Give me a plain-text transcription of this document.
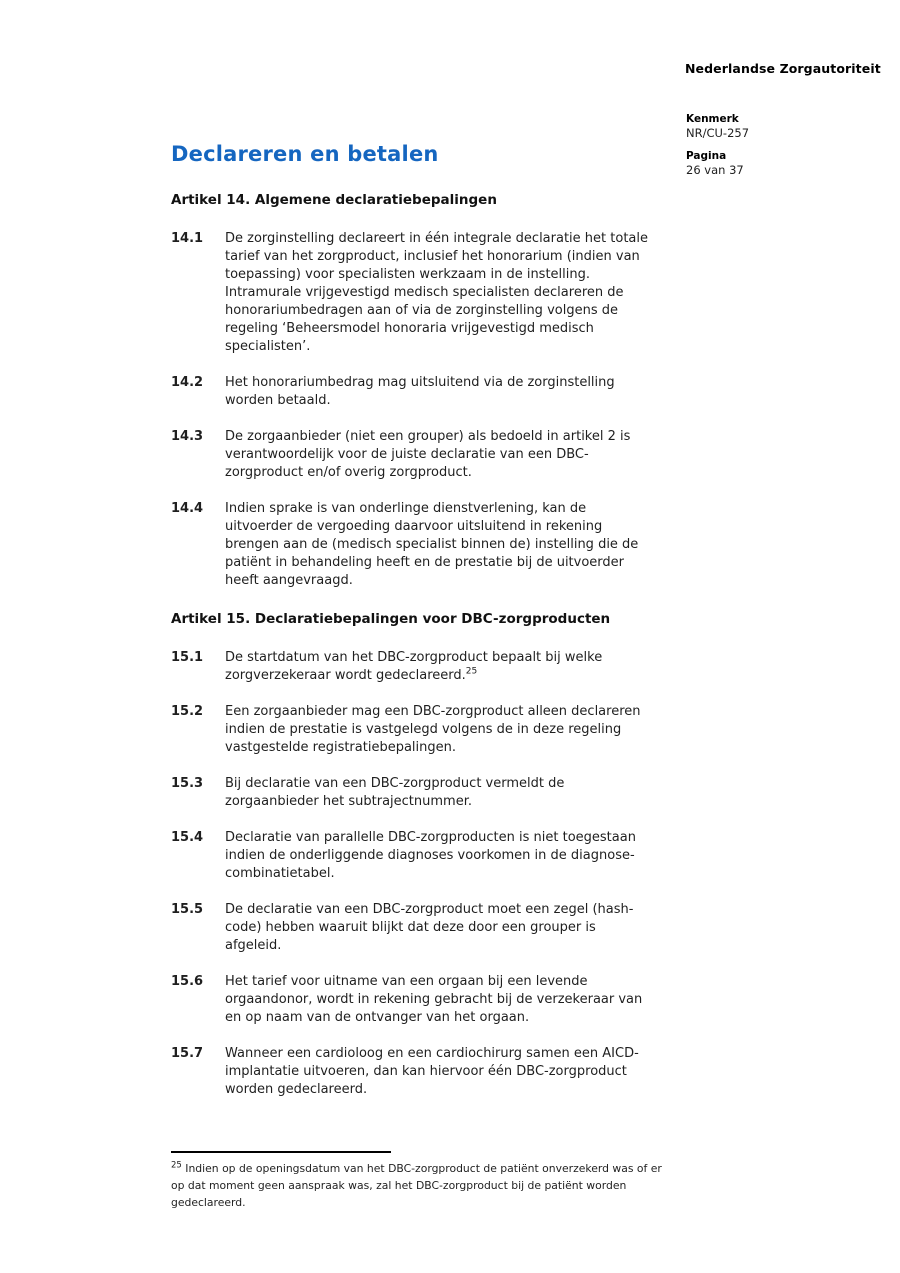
Nederlandse Zorgautoriteit
Kenmerk
NR/CU-257
Pagina
26 van 37
Declareren en betalen
Artikel 14. Algemene declaratiebepalingen
14.1	De zorginstelling declareert in één integrale declaratie het totale tarief van het zorgproduct, inclusief het honorarium (indien van toepassing) voor specialisten werkzaam in de instelling. Intramurale vrijgevestigd medisch specialisten declareren de honorariumbedragen aan of via de zorginstelling volgens de regeling ‘Beheersmodel honoraria vrijgevestigd medisch specialisten’.
14.2	Het honorariumbedrag mag uitsluitend via de zorginstelling worden betaald.
14.3	De zorgaanbieder (niet een grouper) als bedoeld in artikel 2 is verantwoordelijk voor de juiste declaratie van een DBC-zorgproduct en/of overig zorgproduct.
14.4	Indien sprake is van onderlinge dienstverlening, kan de uitvoerder de vergoeding daarvoor uitsluitend in rekening brengen aan de (medisch specialist binnen de) instelling die de patiënt in behandeling heeft en de prestatie bij de uitvoerder heeft aangevraagd.
Artikel 15. Declaratiebepalingen voor DBC-zorgproducten
15.1	De startdatum van het DBC-zorgproduct bepaalt bij welke zorgverzekeraar wordt gedeclareerd.$^{25}$
15.2	Een zorgaanbieder mag een DBC-zorgproduct alleen declareren indien de prestatie is vastgelegd volgens de in deze regeling vastgestelde registratiebepalingen.
15.3	Bij declaratie van een DBC-zorgproduct vermeldt de zorgaanbieder het subtrajectnummer.
15.4	Declaratie van parallelle DBC-zorgproducten is niet toegestaan indien de onderliggende diagnoses voorkomen in de diagnose-combinatietabel.
15.5	De declaratie van een DBC-zorgproduct moet een zegel (hash-code) hebben waaruit blijkt dat deze door een grouper is afgeleid.
15.6	Het tarief voor uitname van een orgaan bij een levende orgaandonor, wordt in rekening gebracht bij de verzekeraar van en op naam van de ontvanger van het orgaan.
15.7	Wanneer een cardioloog en een cardiochirurg samen een AICD-implantatie uitvoeren, dan kan hiervoor één DBC-zorgproduct worden gedeclareerd.
$^{25}$ Indien op de openingsdatum van het DBC-zorgproduct de patiënt onverzekerd was of er op dat moment geen aanspraak was, zal het DBC-zorgproduct bij de patiënt worden gedeclareerd.
